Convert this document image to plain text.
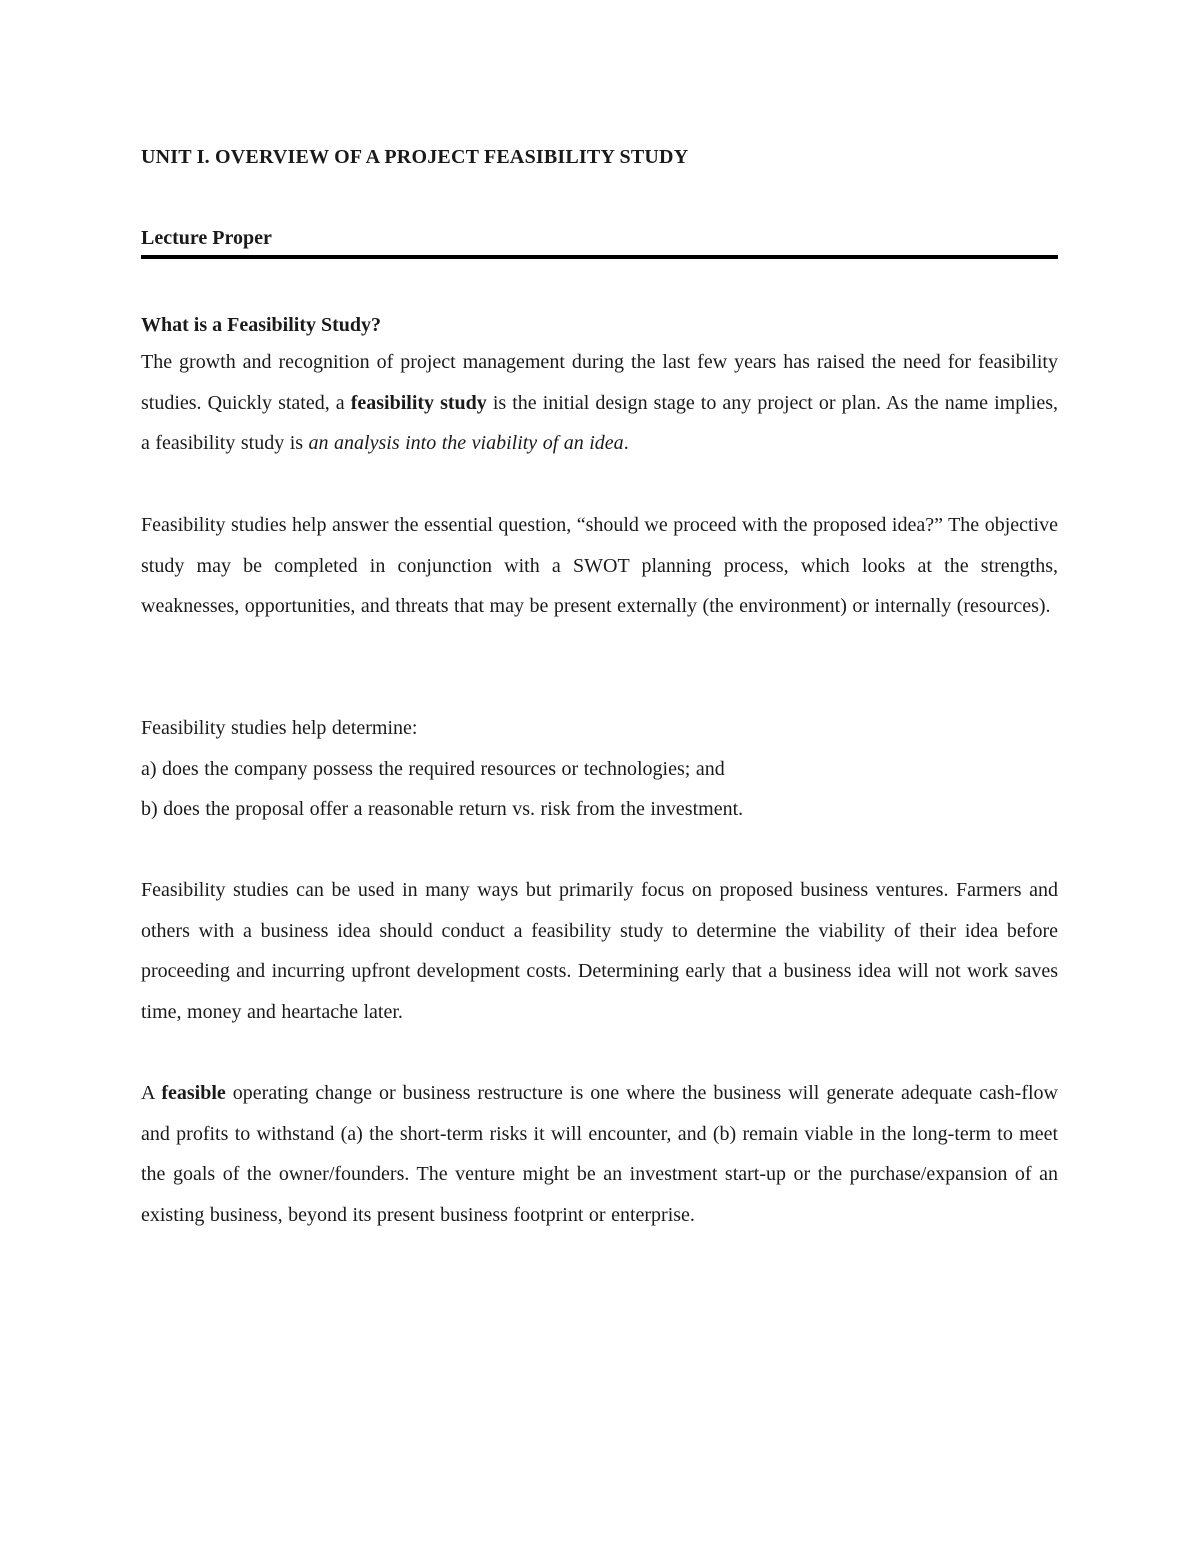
UNIT I. OVERVIEW OF A PROJECT FEASIBILITY STUDY
Lecture Proper
What is a Feasibility Study?

The growth and recognition of project management during the last few years has raised the need for feasibility studies. Quickly stated, a feasibility study is the initial design stage to any project or plan. As the name implies, a feasibility study is an analysis into the viability of an idea.

Feasibility studies help answer the essential question, “should we proceed with the proposed idea?” The objective study may be completed in conjunction with a SWOT planning process, which looks at the strengths, weaknesses, opportunities, and threats that may be present externally (the environment) or internally (resources).

Feasibility studies help determine:
a) does the company possess the required resources or technologies; and
b) does the proposal offer a reasonable return vs. risk from the investment.

Feasibility studies can be used in many ways but primarily focus on proposed business ventures. Farmers and others with a business idea should conduct a feasibility study to determine the viability of their idea before proceeding and incurring upfront development costs. Determining early that a business idea will not work saves time, money and heartache later.

A feasible operating change or business restructure is one where the business will generate adequate cash-flow and profits to withstand (a) the short-term risks it will encounter, and (b) remain viable in the long-term to meet the goals of the owner/founders. The venture might be an investment start-up or the purchase/expansion of an existing business, beyond its present business footprint or enterprise.
